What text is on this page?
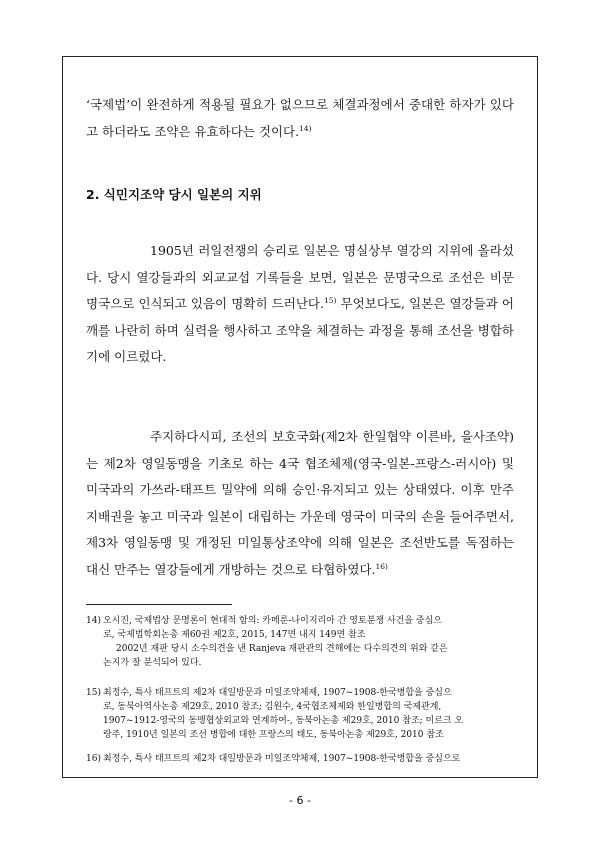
‘국제법’이 완전하게 적용될 필요가 없으므로 체결과정에서 중대한 하자가 있다고 하더라도 조약은 유효하다는 것이다.$^{14)}$

2. 식민지조약 당시 일본의 지위

1905년 러일전쟁의 승리로 일본은 명실상부 열강의 지위에 올라섰다. 당시 열강들과의 외교교섭 기록들을 보면, 일본은 문명국으로 조선은 비문명국으로 인식되고 있음이 명확히 드러난다.$^{15)}$ 무엇보다도, 일본은 열강들과 어깨를 나란히 하며 실력을 행사하고 조약을 체결하는 과정을 통해 조선을 병합하기에 이르렀다.

주지하다시피, 조선의 보호국화(제2차 한일협약 이른바, 을사조약)는 제2차 영일동맹을 기초로 하는 4국 협조체제(영국-일본-프랑스-러시아) 및 미국과의 가쓰라-태프트 밀약에 의해 승인·유지되고 있는 상태였다. 이후 만주 지배권을 놓고 미국과 일본이 대립하는 가운데 영국이 미국의 손을 들어주면서, 제3차 영일동맹 및 개정된 미일통상조약에 의해 일본은 조선반도를 독점하는 대신 만주는 열강들에게 개방하는 것으로 타협하였다.$^{16)}$

14) 오시진, 국제법상 문명론이 현대적 함의: 카메룬-나이지리아 간 영토분쟁 사건을 중심으
로, 국제법학회논총 제60권 제2호, 2015, 147면 내지 149면 참조
2002년 재판 당시 소수의견을 낸 Ranjeva 재판관의 견해에는 다수의견의 위와 같은
논지가 잘 분석되어 있다.
15) 최정수, 특사 태프트의 제2차 대일방문과 미일조약체제, 1907~1908-한국병합을 중심으
로, 동북아역사논총 제29호, 2010 참조; 김원수, 4국협조체제와 한일병합의 국제관계,
1907~1912-영국의 동맹협상외교와 연계하여-, 동북아논총 제29호, 2010 참조; 미르크 오
랑주, 1910년 일본의 조선 병합에 대한 프랑스의 태도, 동북아논총 제29호, 2010 참조
16) 최정수, 특사 태프트의 제2차 대일방문과 미일조약체제, 1907~1908-한국병합을 중심으로

- 6 -
